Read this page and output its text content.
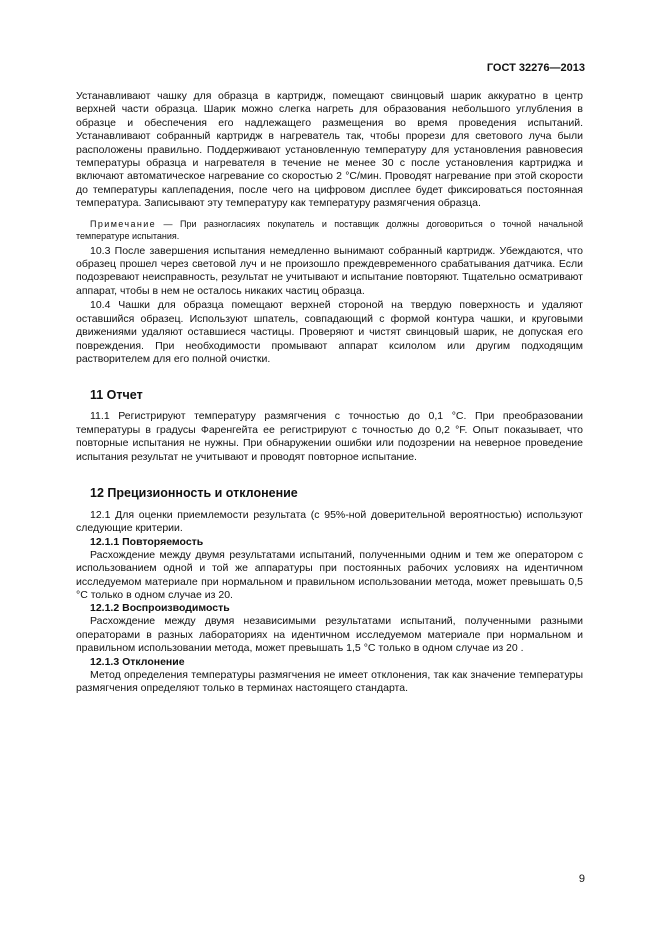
ГОСТ 32276—2013

Устанавливают чашку для образца в картридж, помещают свинцовый шарик аккуратно в центр верхней части образца. Шарик можно слегка нагреть для образования небольшого углубления в образце и обеспечения его надлежащего размещения во время проведения испытаний. Устанавливают собранный картридж в нагреватель так, чтобы прорези для светового луча были расположены правильно. Поддерживают установленную температуру для установления равновесия температуры образца и нагревателя в течение не менее 30 с после установления картриджа и включают автоматическое нагревание со скоростью 2 °С/мин. Проводят нагревание при этой скорости до температуры каплепадения, после чего на цифровом дисплее будет фиксироваться постоянная температура. Записывают эту температуру как температуру размягчения образца.

Примечание — При разногласиях покупатель и поставщик должны договориться о точной начальной температуре испытания.

10.3 После завершения испытания немедленно вынимают собранный картридж. Убеждаются, что образец прошел через световой луч и не произошло преждевременного срабатывания датчика. Если подозревают неисправность, результат не учитывают и испытание повторяют. Тщательно осматривают аппарат, чтобы в нем не осталось никаких частиц образца.

10.4 Чашки для образца помещают верхней стороной на твердую поверхность и удаляют оставшийся образец. Используют шпатель, совпадающий с формой контура чашки, и круговыми движениями удаляют оставшиеся частицы. Проверяют и чистят свинцовый шарик, не допуская его повреждения. При необходимости промывают аппарат ксилолом или другим подходящим растворителем для его полной очистки.

11 Отчет

11.1 Регистрируют температуру размягчения с точностью до 0,1 °С. При преобразовании температуры в градусы Фаренгейта ее регистрируют с точностью до 0,2 °F. Опыт показывает, что повторные испытания не нужны. При обнаружении ошибки или подозрении на неверное проведение испытания результат не учитывают и проводят повторное испытание.

12 Прецизионность и отклонение

12.1 Для оценки приемлемости результата (с 95%-ной доверительной вероятностью) используют следующие критерии.

12.1.1 Повторяемость

Расхождение между двумя результатами испытаний, полученными одним и тем же оператором с использованием одной и той же аппаратуры при постоянных рабочих условиях на идентичном исследуемом материале при нормальном и правильном использовании метода, может превышать 0,5 °С только в одном случае из 20.

12.1.2 Воспроизводимость

Расхождение между двумя независимыми результатами испытаний, полученными разными операторами в разных лабораториях на идентичном исследуемом материале при нормальном и правильном использовании метода, может превышать 1,5 °С только в одном случае из 20 .

12.1.3 Отклонение

Метод определения температуры размягчения не имеет отклонения, так как значение температуры размягчения определяют только в терминах настоящего стандарта.

9
